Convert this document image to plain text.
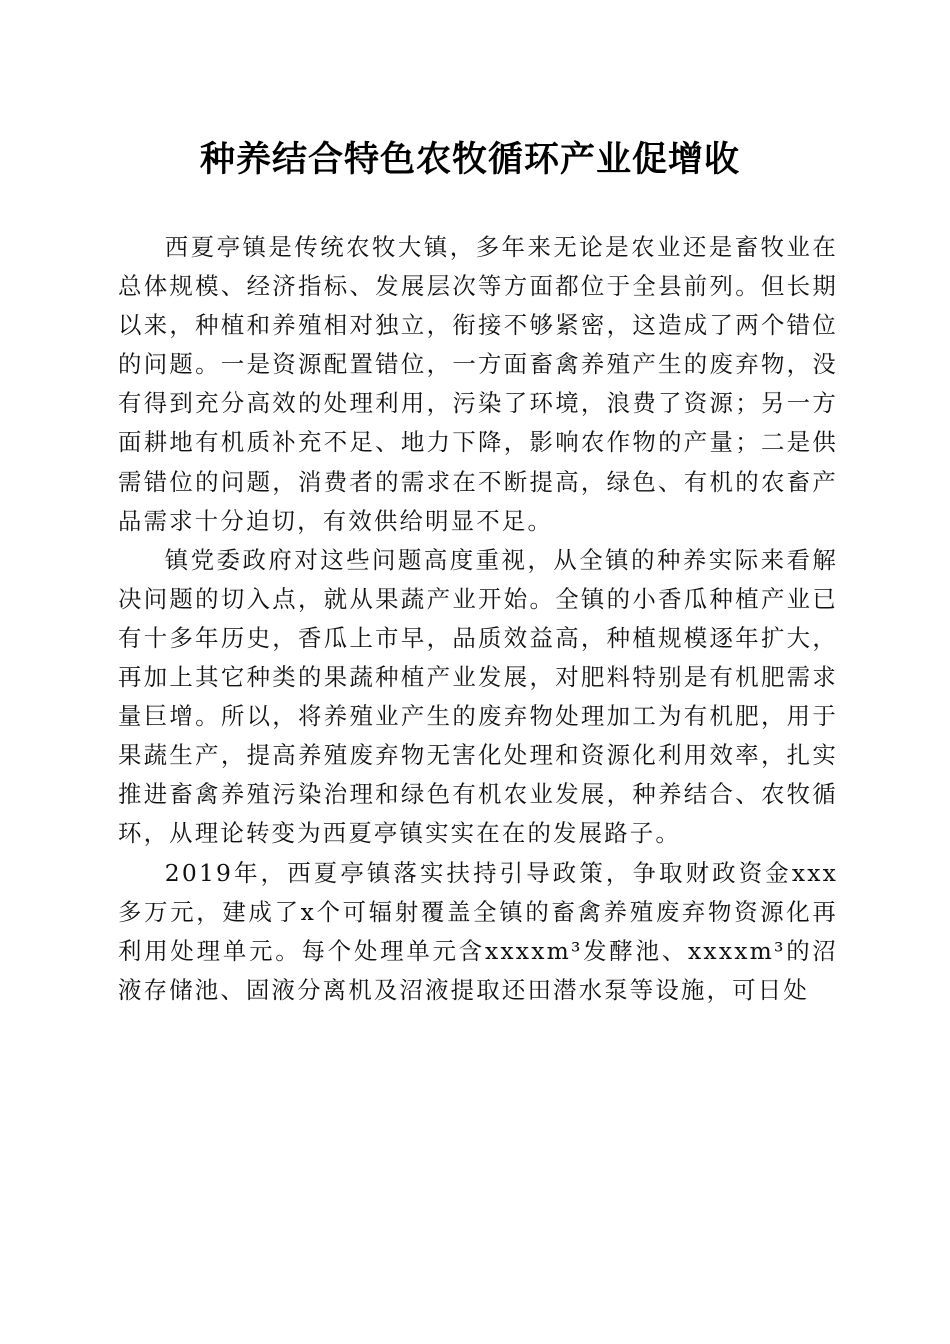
种养结合特色农牧循环产业促增收

西夏亭镇是传统农牧大镇，多年来无论是农业还是畜牧业在总体规模、经济指标、发展层次等方面都位于全县前列。但长期以来，种植和养殖相对独立，衔接不够紧密，这造成了两个错位的问题。一是资源配置错位，一方面畜禽养殖产生的废弃物，没有得到充分高效的处理利用，污染了环境，浪费了资源；另一方面耕地有机质补充不足、地力下降，影响农作物的产量；二是供需错位的问题，消费者的需求在不断提高，绿色、有机的农畜产品需求十分迫切，有效供给明显不足。

镇党委政府对这些问题高度重视，从全镇的种养实际来看解决问题的切入点，就从果蔬产业开始。全镇的小香瓜种植产业已有十多年历史，香瓜上市早，品质效益高，种植规模逐年扩大，再加上其它种类的果蔬种植产业发展，对肥料特别是有机肥需求量巨增。所以，将养殖业产生的废弃物处理加工为有机肥，用于果蔬生产，提高养殖废弃物无害化处理和资源化利用效率，扎实推进畜禽养殖污染治理和绿色有机农业发展，种养结合、农牧循环，从理论转变为西夏亭镇实实在在的发展路子。

2019年，西夏亭镇落实扶持引导政策，争取财政资金xxx多万元，建成了x个可辐射覆盖全镇的畜禽养殖废弃物资源化再利用处理单元。每个处理单元含xxxxm³发酵池、xxxxm³的沼液存储池、固液分离机及沼液提取还田潜水泵等设施，可日处
